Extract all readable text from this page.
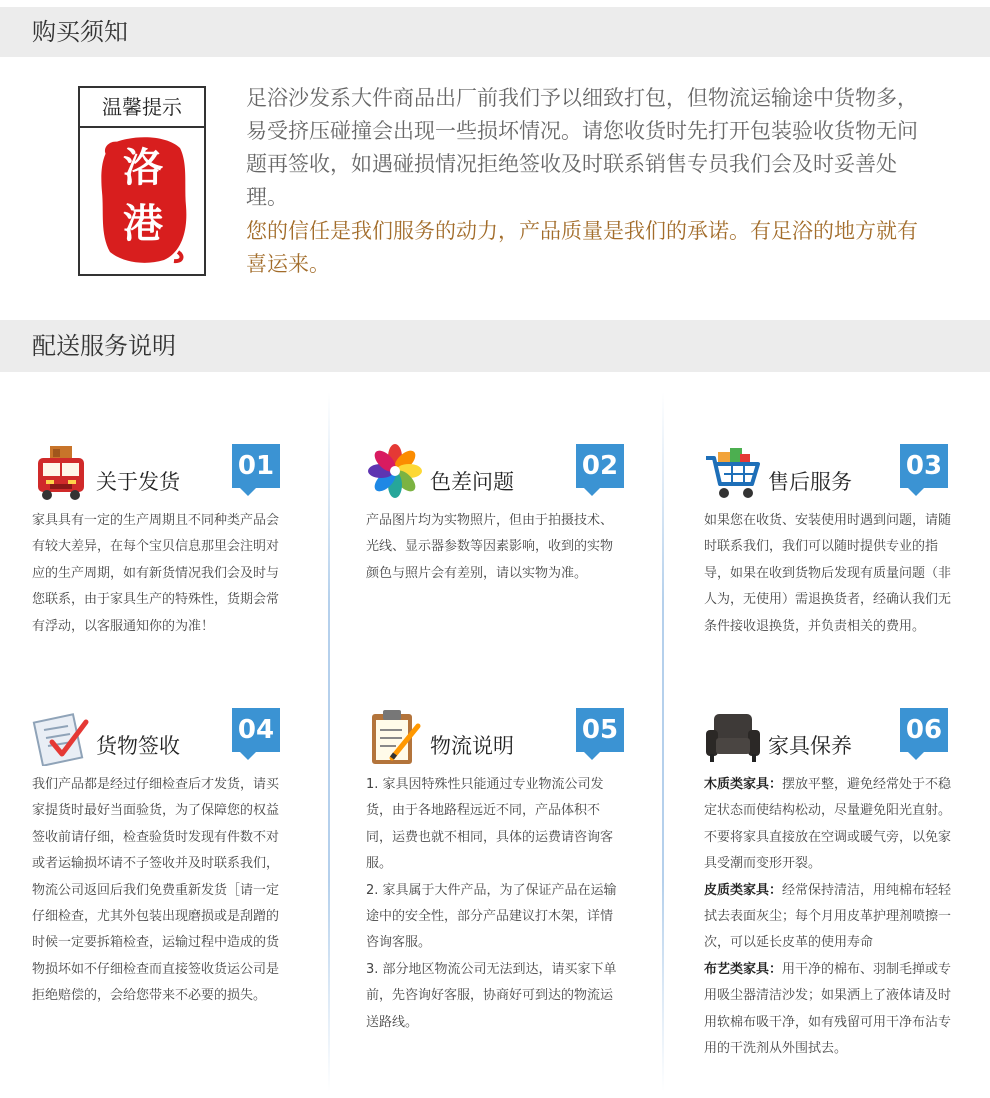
购买须知
温馨提示
洛
港

足浴沙发系大件商品出厂前我们予以细致打包，但物流运输途中货物多，易受挤压碰撞会出现一些损坏情况。请您收货时先打开包装验收货物无问题再签收，如遇碰损情况拒绝签收及时联系销售专员我们会及时妥善处理。

您的信任是我们服务的动力，产品质量是我们的承诺。有足浴的地方就有喜运来。

配送服务说明
关于发货
01

家具具有一定的生产周期且不同种类产品会有较大差异，在每个宝贝信息那里会注明对应的生产周期，如有新货情况我们会及时与您联系，由于家具生产的特殊性，货期会常有浮动，以客服通知你的为准！

色差问题
02

产品图片均为实物照片，但由于拍摄技术、光线、显示器参数等因素影响，收到的实物颜色与照片会有差别，请以实物为准。

售后服务
03

如果您在收货、安装使用时遇到问题，请随时联系我们，我们可以随时提供专业的指导，如果在收到货物后发现有质量问题（非人为，无使用）需退换货者，经确认我们无条件接收退换货，并负责相关的费用。

货物签收
04

我们产品都是经过仔细检查后才发货，请买家提货时最好当面验货，为了保障您的权益签收前请仔细，检查验货时发现有件数不对或者运输损坏请不子签收并及时联系我们，物流公司返回后我们免费重新发货［请一定仔细检查，尤其外包装出现磨损或是刮蹭的时候一定要拆箱检查，运输过程中造成的货物损坏如不仔细检查而直接签收货运公司是拒绝赔偿的，会给您带来不必要的损失。

物流说明
05

1. 家具因特殊性只能通过专业物流公司发货，由于各地路程远近不同，产品体积不同，运费也就不相同，具体的运费请咨询客服。

2. 家具属于大件产品，为了保证产品在运输途中的安全性，部分产品建议打木架，详情咨询客服。

3. 部分地区物流公司无法到达，请买家下单前，先咨询好客服，协商好可到达的物流运送路线。

家具保养
06

木质类家具：摆放平整，避免经常处于不稳定状态而使结构松动，尽量避免阳光直射。不要将家具直接放在空调或暖气旁，以免家具受潮而变形开裂。

皮质类家具：经常保持清洁，用纯棉布轻轻拭去表面灰尘；每个月用皮革护理剂喷擦一次，可以延长皮革的使用寿命

布艺类家具：用干净的棉布、羽制毛掸或专用吸尘器清洁沙发；如果洒上了液体请及时用软棉布吸干净，如有残留可用干净布沾专用的干洗剂从外围拭去。
